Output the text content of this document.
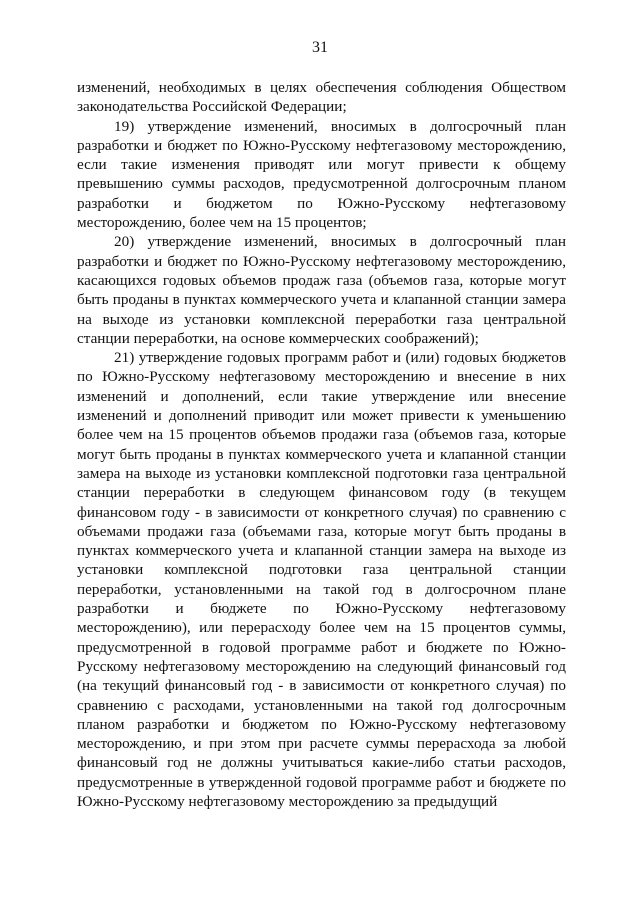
31

изменений, необходимых в целях обеспечения соблюдения Обществом законодательства Российской Федерации;

19) утверждение изменений, вносимых в долгосрочный план разработки и бюджет по Южно-Русскому нефтегазовому месторождению, если такие изменения приводят или могут привести к общему превышению суммы расходов, предусмотренной долгосрочным планом разработки и бюджетом по Южно-Русскому нефтегазовому месторождению, более чем на 15 процентов;

20) утверждение изменений, вносимых в долгосрочный план разработки и бюджет по Южно-Русскому нефтегазовому месторождению, касающихся годовых объемов продаж газа (объемов газа, которые могут быть проданы в пунктах коммерческого учета и клапанной станции замера на выходе из установки комплексной переработки газа центральной станции переработки, на основе коммерческих соображений);

21) утверждение годовых программ работ и (или) годовых бюджетов по Южно-Русскому нефтегазовому месторождению и внесение в них изменений и дополнений, если такие утверждение или внесение изменений и дополнений приводит или может привести к уменьшению более чем на 15 процентов объемов продажи газа (объемов газа, которые могут быть проданы в пунктах коммерческого учета и клапанной станции замера на выходе из установки комплексной подготовки газа центральной станции переработки в следующем финансовом году (в текущем финансовом году - в зависимости от конкретного случая) по сравнению с объемами продажи газа (объемами газа, которые могут быть проданы в пунктах коммерческого учета и клапанной станции замера на выходе из установки комплексной подготовки газа центральной станции переработки, установленными на такой год в долгосрочном плане разработки и бюджете по Южно-Русскому нефтегазовому месторождению), или перерасходу более чем на 15 процентов суммы, предусмотренной в годовой программе работ и бюджете по Южно-Русскому нефтегазовому месторождению на следующий финансовый год (на текущий финансовый год - в зависимости от конкретного случая) по сравнению с расходами, установленными на такой год долгосрочным планом разработки и бюджетом по Южно-Русскому нефтегазовому месторождению, и при этом при расчете суммы перерасхода за любой финансовый год не должны учитываться какие-либо статьи расходов, предусмотренные в утвержденной годовой программе работ и бюджете по Южно-Русскому нефтегазовому месторождению за предыдущий
